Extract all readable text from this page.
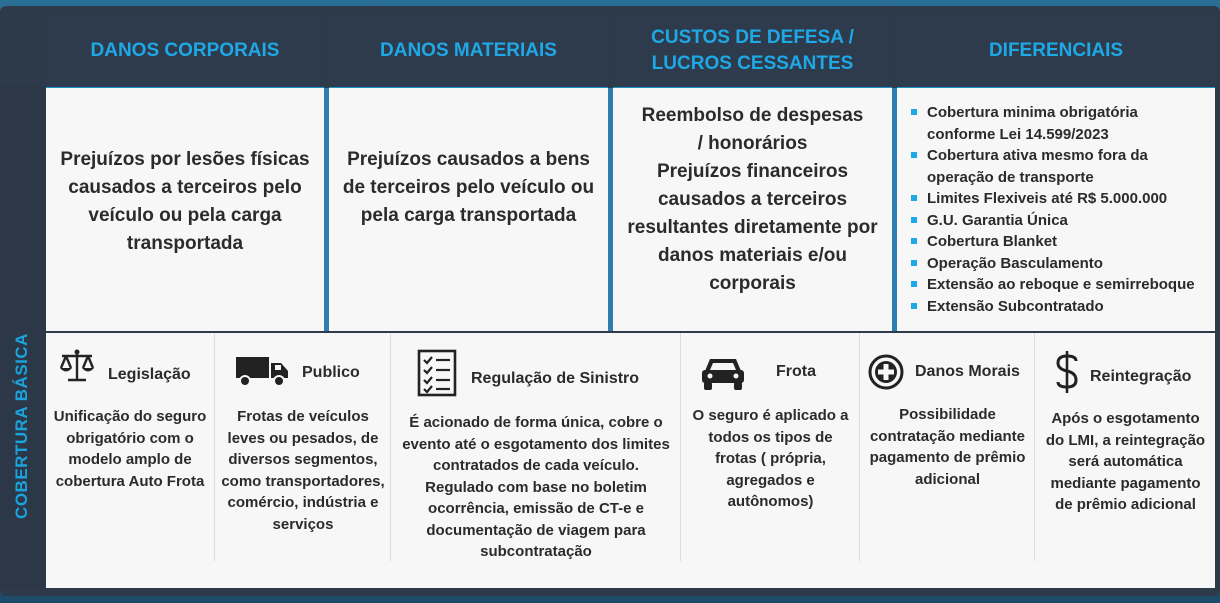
COBERTURA BÁSICA
DANOS CORPORAIS	DANOS MATERIAIS
CUSTOS DE DEFESA /
LUCROS CESSANTES
DIFERENCIAIS
Prejuízos por lesões físicas causados a terceiros pelo veículo ou pela carga transportada
Prejuízos causados a bens de terceiros pelo veículo ou pela carga transportada
Reembolso de despesas / honorários
Prejuízos financeiros causados a terceiros resultantes diretamente por danos materiais e/ou corporais
Cobertura minima obrigatória conforme Lei 14.599/2023
Cobertura ativa mesmo fora da operação de transporte
Limites Flexiveis até R$ 5.000.000
G.U. Garantia Única
Cobertura Blanket
Operação Basculamento
Extensão ao reboque e semirreboque
Extensão Subcontratado
Legislação
Unificação do seguro obrigatório com o modelo amplo de cobertura Auto Frota
Publico
Frotas de veículos leves ou pesados, de diversos segmentos, como transportadores, comércio, indústria e serviços
Regulação de Sinistro
É acionado de forma única, cobre o evento até o esgotamento dos limites contratados de cada veículo. Regulado com base no boletim ocorrência, emissão de CT-e e documentação de viagem para subcontratação
Frota
O seguro é aplicado a todos os tipos de frotas ( própria, agregados e autônomos)
Danos Morais
Possibilidade contratação mediante pagamento de prêmio adicional
Reintegração
Após o esgotamento do LMI, a reintegração será automática mediante pagamento de prêmio adicional
